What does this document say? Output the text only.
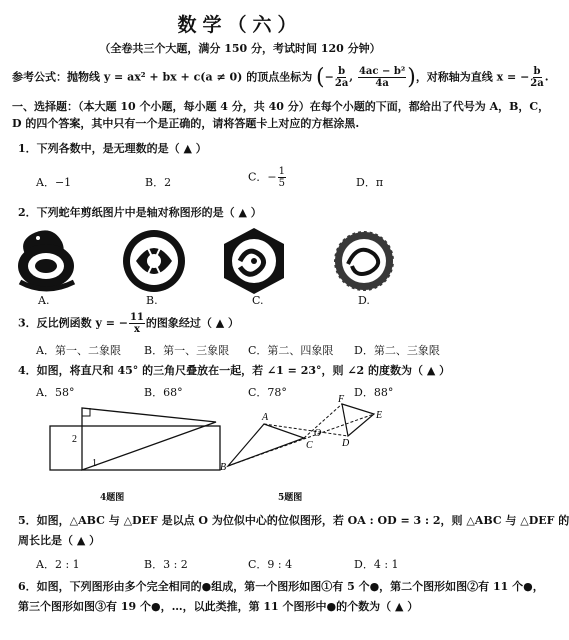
数学（六）
（全卷共三个大题，满分 150 分，考试时间 120 分钟）
参考公式：抛物线 y = ax² + bx + c(a ≠ 0) 的顶点坐标为 (− $\frac{b}{2a}$ , $\frac{\text{4ac − b²}}{4a}$ )，对称轴为直线 x = − $\frac{b}{2a}$ .
一、选择题：（本大题 10 个小题，每小题 4 分，共 40 分）在每个小题的下面，都给出了代号为 A，B，C，
D 的四个答案，其中只有一个是正确的，请将答题卡上对应的方框涂黑.
1．下列各数中，是无理数的是（ ▲ ）
A．−1	B．2	C．− $\frac{1}{5}$	D．π
2．下列蛇年剪纸图片中是轴对称图形的是（ ▲ ）
A.	B.	C.	D.
3．反比例函数 y = − $\frac{11}{x}$ 的图象经过（ ▲ ）
A．第一、二象限 B．第一、三象限 C．第二、四象限 D．第二、三象限
4．如图，将直尺和 45° 的三角尺叠放在一起，若 ∠1 = 23°，则 ∠2 的度数为（ ▲ ）
A．58°	B．68°	C．78°	D．88°
2
1
4题图
A
B
C	D
E
F
O
5题图
5．如图，△ABC 与 △DEF 是以点 O 为位似中心的位似图形，若 OA : OD = 3 : 2，则 △ABC 与 △DEF 的
周长比是（ ▲ ）
A．2 : 1	B．3 : 2	C．9 : 4	D．4 : 1
6．如图，下列图形由多个完全相同的●组成，第一个图形如图①有 5 个●，第二个图形如图②有 11 个●，
第三个图形如图③有 19 个●，…，以此类推，第 11 个图形中●的个数为（ ▲ ）
